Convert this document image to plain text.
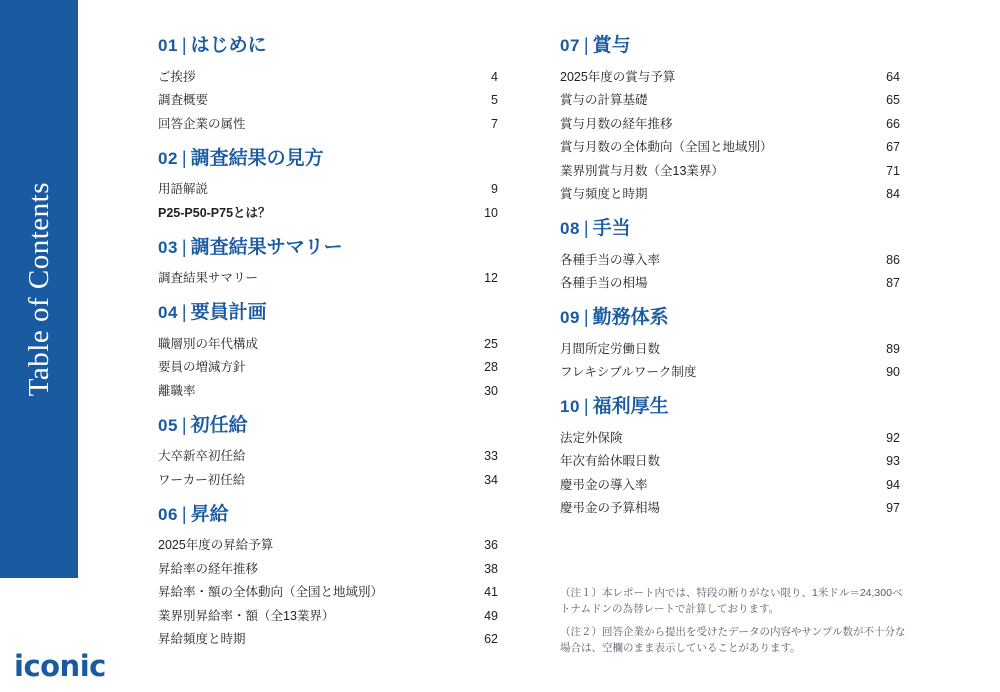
Table of Contents
iconic
01 | はじめに
ご挨拶	4
調査概要	5
回答企業の属性	7
02 | 調査結果の見方
用語解説	9
P25-P50-P75とは？	10
03 | 調査結果サマリー
調査結果サマリー	12
04 | 要員計画
職層別の年代構成	25
要員の増減方針	28
離職率	30
05 | 初任給
大卒新卒初任給	33
ワーカー初任給	34
06 | 昇給
2025年度の昇給予算	36
昇給率の経年推移	38
昇給率・額の全体動向（全国と地域別）	41
業界別昇給率・額（全13業界）	49
昇給頻度と時期	62
07 | 賞与
2025年度の賞与予算	64
賞与の計算基礎	65
賞与月数の経年推移	66
賞与月数の全体動向（全国と地域別）	67
業界別賞与月数（全13業界）	71
賞与頻度と時期	84
08 | 手当
各種手当の導入率	86
各種手当の相場	87
09 | 勤務体系
月間所定労働日数	89
フレキシブルワーク制度	90
10 | 福利厚生
法定外保険	92
年次有給休暇日数	93
慶弔金の導入率	94
慶弔金の予算相場	97
（注１）本レポート内では、特段の断りがない限り、1米ドル＝24,300ベトナムドンの為替レートで計算しております。
（注２）回答企業から提出を受けたデータの内容やサンプル数が不十分な場合は、空欄のまま表示していることがあります。
